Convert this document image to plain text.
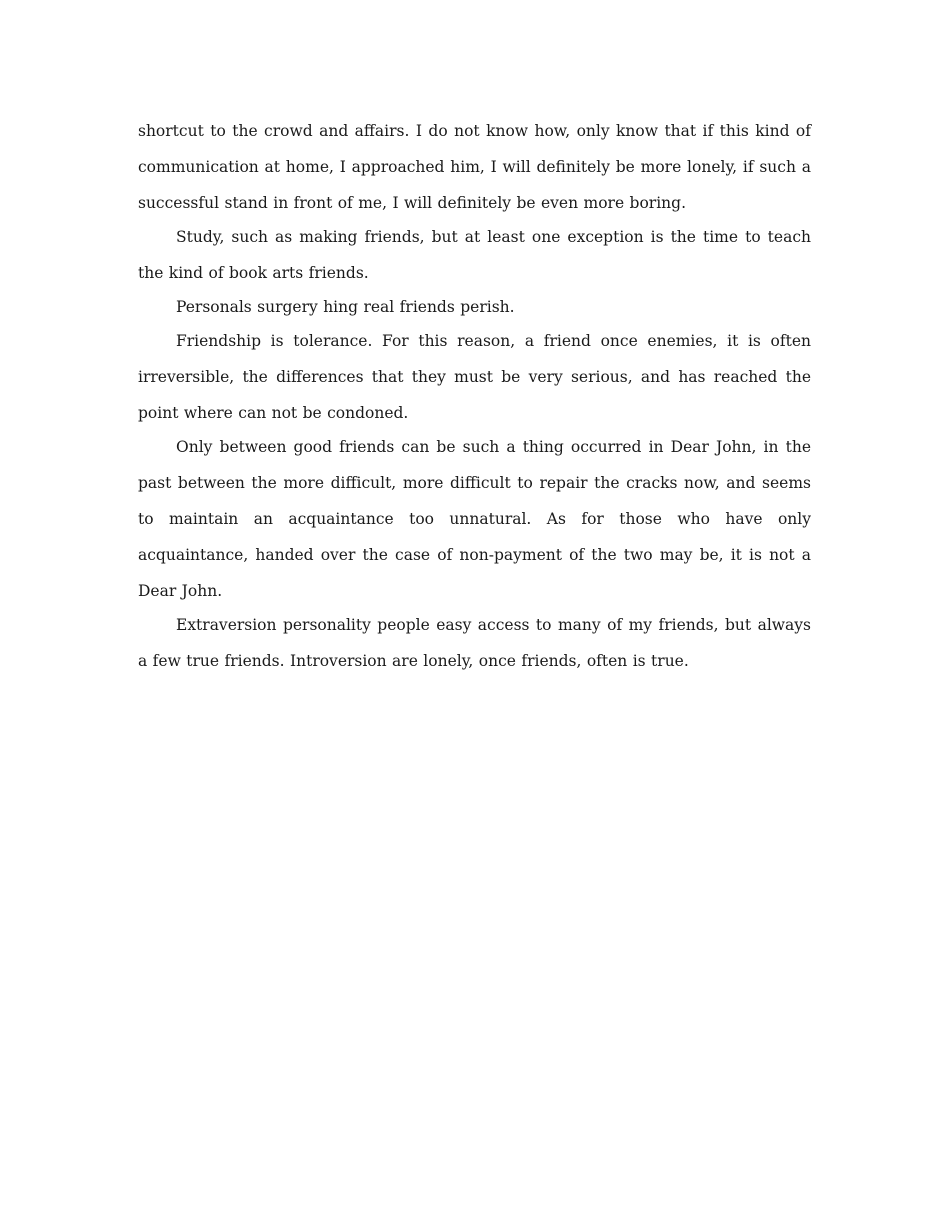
shortcut to the crowd and affairs. I do not know how, only know that if this kind of communication at home, I approached him, I will definitely be more lonely, if such a successful stand in front of me, I will definitely be even more boring.

Study, such as making friends, but at least one exception is the time to teach the kind of book arts friends.

Personals surgery hing real friends perish.

Friendship is tolerance. For this reason, a friend once enemies, it is often irreversible, the differences that they must be very serious, and has reached the point where can not be condoned.

Only between good friends can be such a thing occurred in Dear John, in the past between the more difficult, more difficult to repair the cracks now, and seems to maintain an acquaintance too unnatural. As for those who have only acquaintance, handed over the case of non-payment of the two may be, it is not a Dear John.

Extraversion personality people easy access to many of my friends, but always a few true friends. Introversion are lonely, once friends, often is true.
